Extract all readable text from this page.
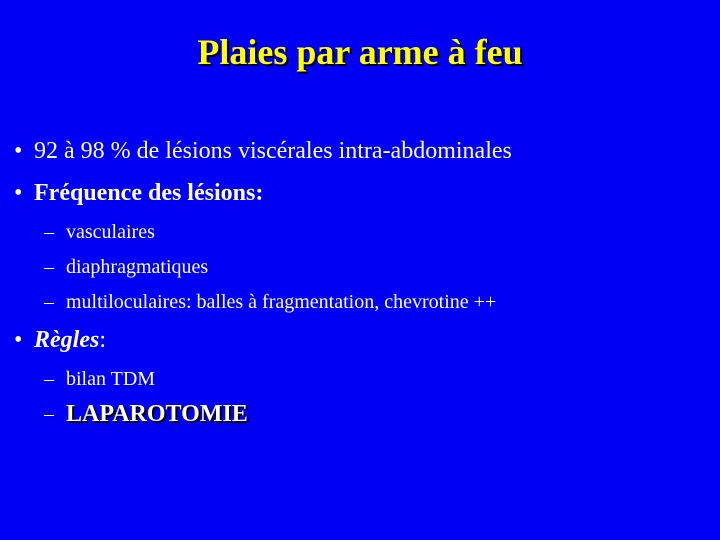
Plaies par arme à feu
• 92 à 98 % de lésions viscérales intra-abdominales
• Fréquence des lésions:
– vasculaires
– diaphragmatiques
– multiloculaires: balles à fragmentation, chevrotine ++
• Règles:
– bilan TDM
– LAPAROTOMIE
